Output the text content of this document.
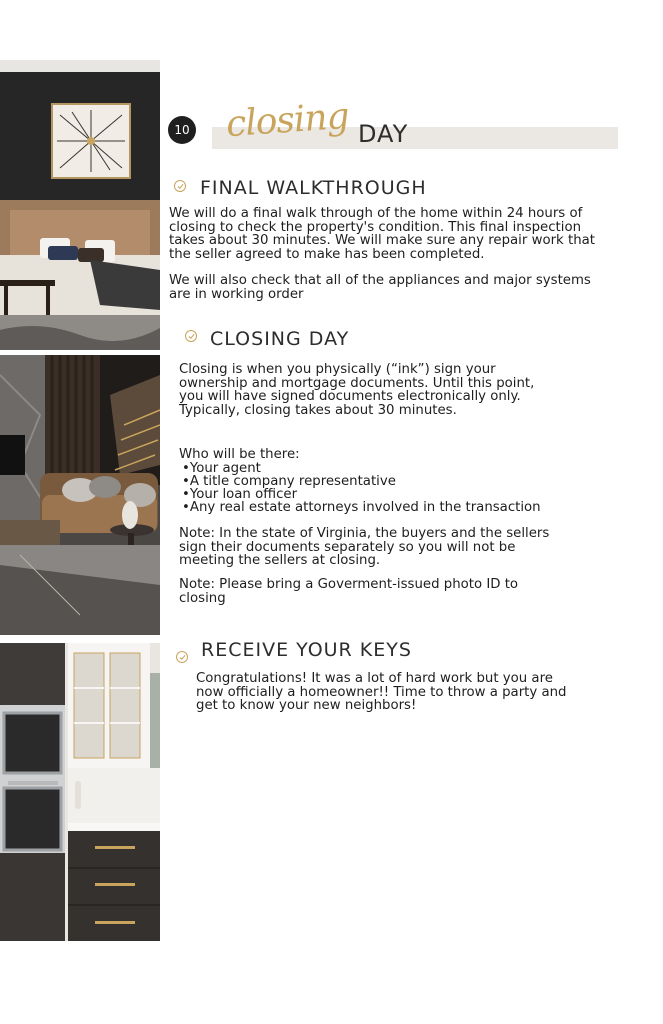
10 closing DAY
FINAL WALKTHROUGH
We will do a final walk through of the home within 24 hours of
closing to check the property's condition. This final inspection
takes about 30 minutes. We will make sure any repair work that
the seller agreed to make has been completed.
We will also check that all of the appliances and major systems
are in working order
CLOSING DAY
Closing is when you physically (“ink”) sign your
ownership and mortgage documents. Until this point,
you will have signed documents electronically only.
Typically, closing takes about 30 minutes.
Who will be there:
• Your agent
• A title company representative
• Your loan officer
• Any real estate attorneys involved in the transaction
Note: In the state of Virginia, the buyers and the sellers
sign their documents separately so you will not be
meeting the sellers at closing.
Note: Please bring a Goverment-issued photo ID to
closing
RECEIVE YOUR KEYS
Congratulations! It was a lot of hard work but you are
now officially a homeowner!! Time to throw a party and
get to know your new neighbors!
